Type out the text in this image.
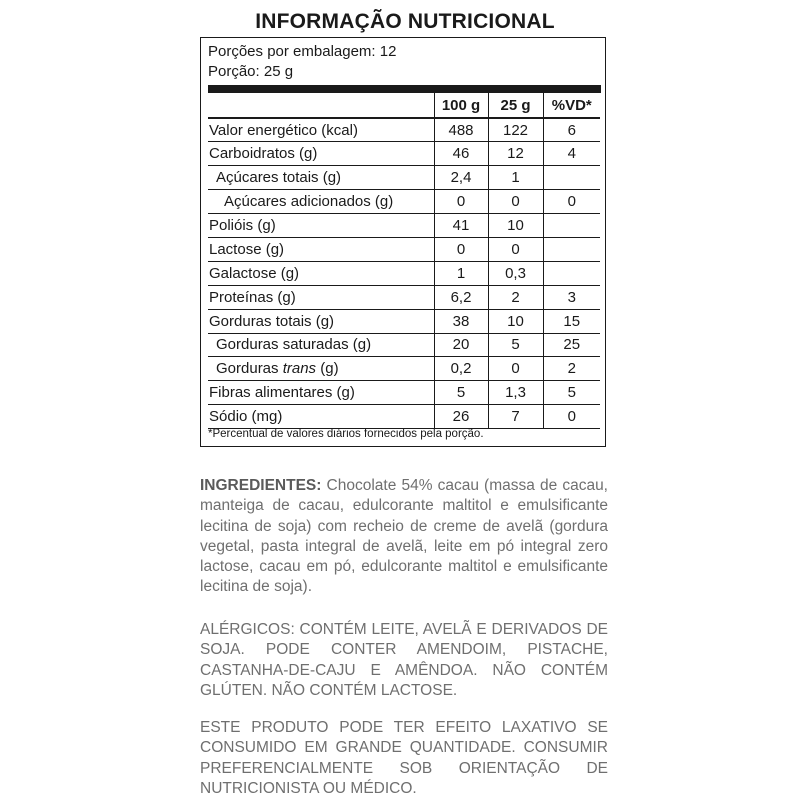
INFORMAÇÃO NUTRICIONAL
Porções por embalagem: 12
Porção: 25 g
	100 g	25 g	%VD*
Valor energético (kcal)	488	122	6
Carboidratos (g)	46	12	4
Açúcares totais (g)	2,4	1	
Açúcares adicionados (g)	0	0	0
Polióis (g)	41	10	
Lactose (g)	0	0	
Galactose (g)	1	0,3	
Proteínas (g)	6,2	2	3
Gorduras totais (g)	38	10	15
Gorduras saturadas (g)	20	5	25
Gorduras trans (g)	0,2	0	2
Fibras alimentares (g)	5	1,3	5
Sódio (mg)	26	7	0
*Percentual de valores diários fornecidos pela porção.
INGREDIENTES: Chocolate 54% cacau (massa de cacau, manteiga de cacau, edulcorante maltitol e emulsificante lecitina de soja) com recheio de creme de avelã (gordura vegetal, pasta integral de avelã, leite em pó integral zero lactose, cacau em pó, edulcorante maltitol e emulsificante lecitina de soja).
ALÉRGICOS: CONTÉM LEITE, AVELÃ E DERIVADOS DE SOJA. PODE CONTER AMENDOIM, PISTACHE, CASTANHA-DE-CAJU E AMÊNDOA. NÃO CONTÉM GLÚTEN. NÃO CONTÉM LACTOSE.
ESTE PRODUTO PODE TER EFEITO LAXATIVO SE CONSUMIDO EM GRANDE QUANTIDADE. CONSUMIR PREFERENCIALMENTE SOB ORIENTAÇÃO DE NUTRICIONISTA OU MÉDICO.
